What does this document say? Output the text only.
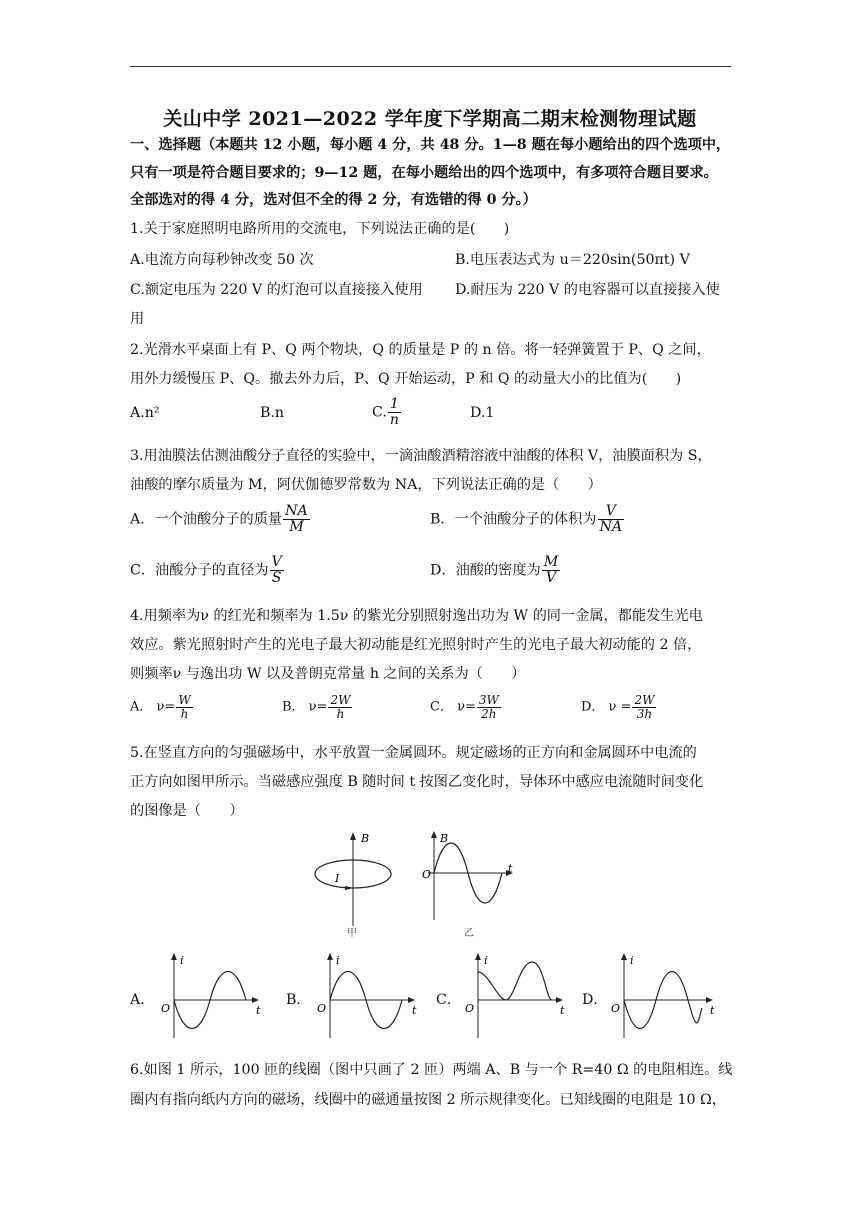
关山中学 2021—2022 学年度下学期高二期末检测物理试题
一、选择题（本题共 12 小题，每小题 4 分，共 48 分。1—8 题在每小题给出的四个选项中，
只有一项是符合题目要求的；9—12 题，在每小题给出的四个选项中，有多项符合题目要求。
全部选对的得 4 分，选对但不全的得 2 分，有选错的得 0 分。）
1.关于家庭照明电路所用的交流电，下列说法正确的是(　　)
A.电流方向每秒钟改变 50 次	B.电压表达式为 u＝220sin(50πt) V
C.额定电压为 220 V 的灯泡可以直接接入使用 D.耐压为 220 V 的电容器可以直接接入使
用
2.光滑水平桌面上有 P、Q 两个物块，Q 的质量是 P 的 n 倍。将一轻弹簧置于 P、Q 之间，
用外力缓慢压 P、Q。撤去外力后，P、Q 开始运动，P 和 Q 的动量大小的比值为(　　)
A.n²	B.n	C. $\frac{1}{n}$	D.1
3.用油膜法估测油酸分子直径的实验中，一滴油酸酒精溶液中油酸的体积 V，油膜面积为 S，
油酸的摩尔质量为 M，阿伏伽德罗常数为 NA，下列说法正确的是（　　）
A．一个油酸分子的质量 $\frac{NA}{M}$	B．一个油酸分子的体积为 $\frac{V}{NA}$
C．油酸分子的直径为 $\frac{V}{S}$	D．油酸的密度为 $\frac{M}{V}$
4.用频率为ν 的红光和频率为 1.5ν 的紫光分别照射逸出功为 W 的同一金属，都能发生光电
效应。紫光照射时产生的光电子最大初动能是红光照射时产生的光电子最大初动能的 2 倍，
则频率ν 与逸出功 W 以及普朗克常量 h 之间的关系为（　　）
A． $\nu= \frac{W}{h}$	B． $\nu= \frac{2W}{h}$	C． $\nu= \frac{3W}{2h}$	D． $\nu = \frac{2W}{3h}$
5.在竖直方向的匀强磁场中，水平放置一金属圆环。规定磁场的正方向和金属圆环中电流的
正方向如图甲所示。当磁感应强度 B 随时间 t 按图乙变化时，导体环中感应电流随时间变化
的图像是（　　）
B
I
甲
B
O	t
乙
A．
i
O	t
B．
i
O	t
C．
i
O	t
D．
i
O	t
6.如图 1 所示，100 匝的线圈（图中只画了 2 匝）两端 A、B 与一个 R=40 Ω 的电阻相连。线
圈内有指向纸内方向的磁场，线圈中的磁通量按图 2 所示规律变化。已知线圈的电阻是 10 Ω，
